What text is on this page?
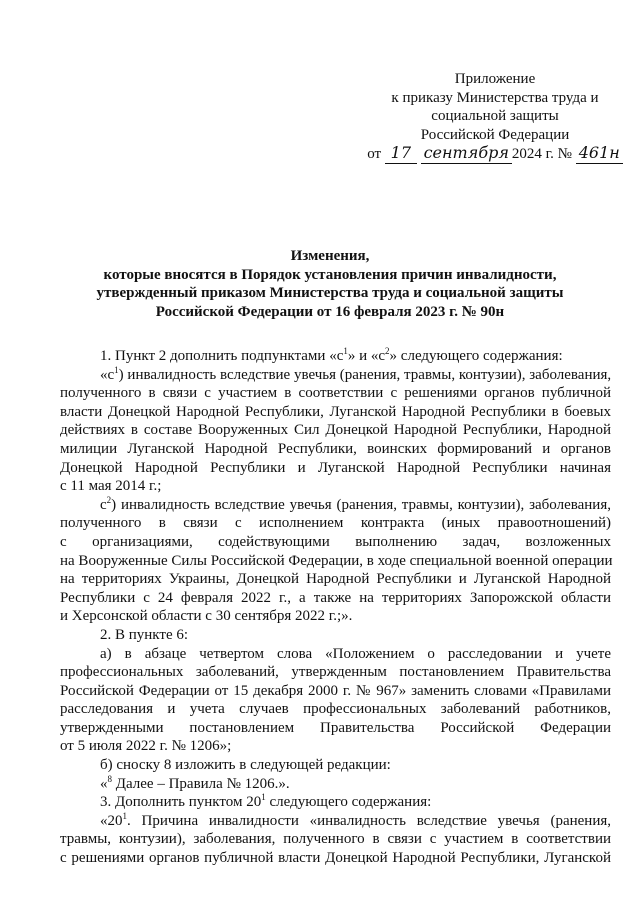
Приложение
к приказу Министерства труда и
социальной защиты
Российской Федерации
от 17 сентября 2024 г. № 461н
Изменения,
которые вносятся в Порядок установления причин инвалидности,
утвержденный приказом Министерства труда и социальной защиты
Российской Федерации от 16 февраля 2023 г. № 90н
1. Пункт 2 дополнить подпунктами «$с^1$» и «$с^2$» следующего содержания:
«$с^1$) инвалидность вследствие увечья (ранения, травмы, контузии), заболевания,
полученного в связи с участием в соответствии с решениями органов публичной
власти Донецкой Народной Республики, Луганской Народной Республики в боевых
действиях в составе Вооруженных Сил Донецкой Народной Республики, Народной
милиции Луганской Народной Республики, воинских формирований и органов
Донецкой Народной Республики и Луганской Народной Республики начиная
с 11 мая 2014 г.;
$с^2$) инвалидность вследствие увечья (ранения, травмы, контузии), заболевания,
полученного в связи с исполнением контракта (иных правоотношений)
с организациями, содействующими выполнению задач, возложенных
на Вооруженные Силы Российской Федерации, в ходе специальной военной операции
на территориях Украины, Донецкой Народной Республики и Луганской Народной
Республики с 24 февраля 2022 г., а также на территориях Запорожской области
и Херсонской области с 30 сентября 2022 г.;».
2. В пункте 6:
а) в абзаце четвертом слова «Положением о расследовании и учете
профессиональных заболеваний, утвержденным постановлением Правительства
Российской Федерации от 15 декабря 2000 г. № 967» заменить словами «Правилами
расследования и учета случаев профессиональных заболеваний работников,
утвержденными постановлением Правительства Российской Федерации
от 5 июля 2022 г. № 1206»;
б) сноску 8 изложить в следующей редакции:
«$^8$ Далее – Правила № 1206.».
3. Дополнить пунктом $20^1$ следующего содержания:
«$20^1$. Причина инвалидности «инвалидность вследствие увечья (ранения,
травмы, контузии), заболевания, полученного в связи с участием в соответствии
с решениями органов публичной власти Донецкой Народной Республики, Луганской
